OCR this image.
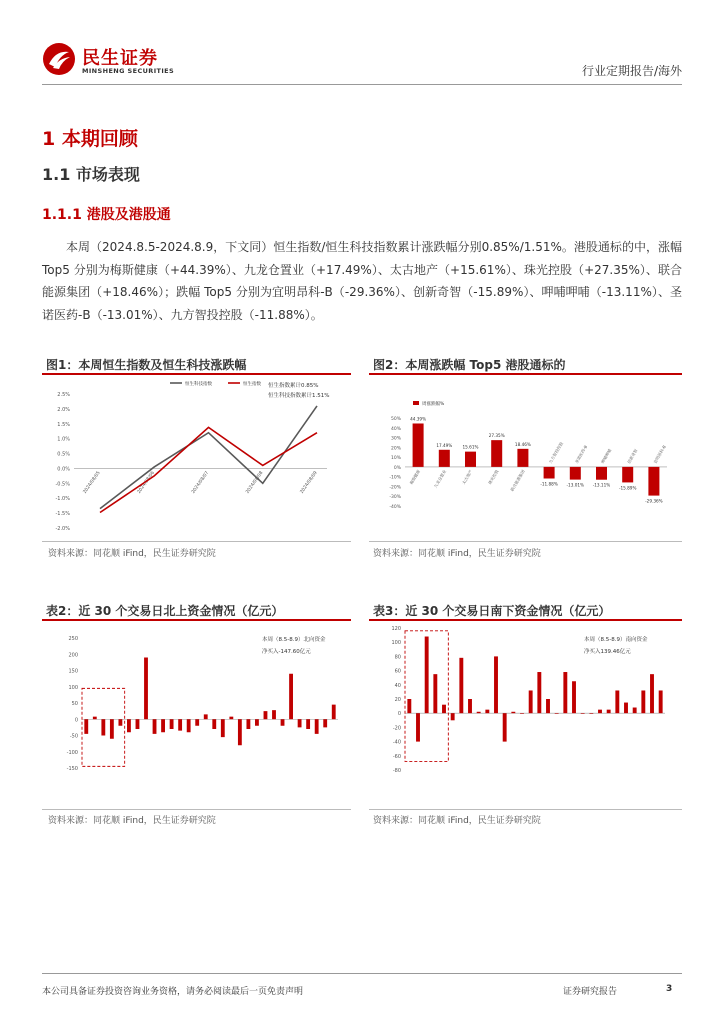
民生证券
MINSHENG SECURITIES	行业定期报告/海外
1 本期回顾
1.1 市场表现
1.1.1 港股及港股通
本周（2024.8.5-2024.8.9，下文同）恒生指数/恒生科技指数累计涨跌幅分别0.85%/1.51%。港股通标的中，涨幅 Top5 分别为梅斯健康（+44.39%）、九龙仓置业（+17.49%）、太古地产（+15.61%）、珠光控股（+27.35%）、联合能源集团（+18.46%）；跌幅 Top5 分别为宜明昂科-B（-29.36%）、创新奇智（-15.89%）、呷哺呷哺（-13.11%）、圣诺医药-B（-13.01%）、九方智投控股（-11.88%）。
图1：本周恒生指数及恒生科技涨跌幅
2.5%
2.0%
1.5%
1.0%
0.5%
0.0%
-0.5%
-1.0%
-1.5%
-2.0%
2024/08/05	2024/08/06	2024/08/07	2024/08/08	2024/08/09
恒生科技指数	恒生指数 恒生指数累计0.85%
恒生科技指数累计1.51%
资料来源：同花顺 iFind，民生证券研究院
图2：本周涨跌幅 Top5 港股通标的
50%
40%
30%
20%
10%
0%
-10%
-20%
-30%
-40%
44.39%
梅斯健康
17.49%
九龙仓置业
15.61%
太古地产
27.35%
珠光控股
18.46%
联合能源集团	-11.88%
九方智投控股
-13.01%
圣诺医药-B
-13.11%
呷哺呷哺
-15.89%
创新奇智
-29.36%
宜明昂科-B
周涨跌幅%
资料来源：同花顺 iFind，民生证券研究院
表2：近 30 个交易日北上资金情况（亿元）
250
200
150
100
50
0
-50
-100
-150
本周（8.5-8.9）北向资金
净买入-147.60亿元
资料来源：同花顺 iFind，民生证券研究院
表3：近 30 个交易日南下资金情况（亿元）
120
100
80
60
40
20
0
-20
-40
-60
-80
本周（8.5-8.9）南向资金
净买入139.46亿元
资料来源：同花顺 iFind，民生证券研究院
本公司具备证券投资咨询业务资格，请务必阅读最后一页免责声明	证券研究报告	3
